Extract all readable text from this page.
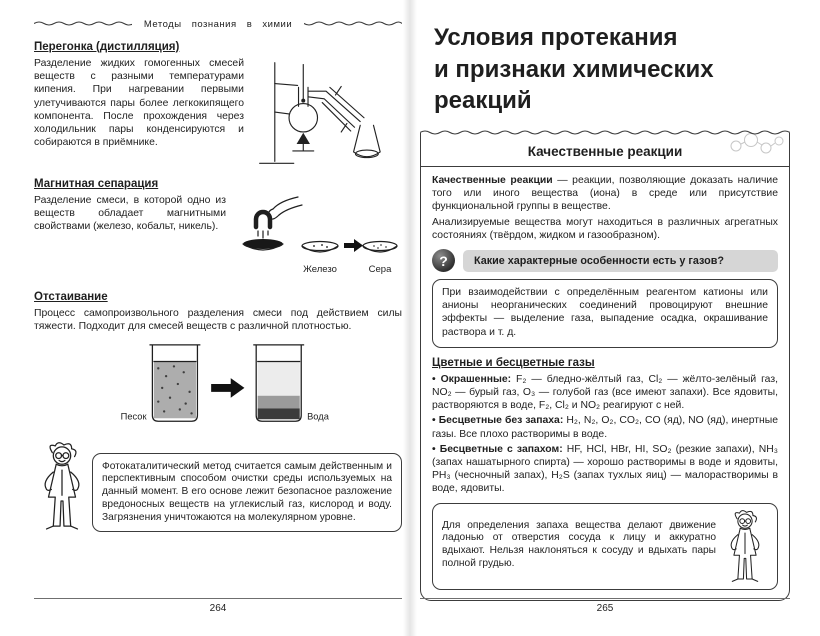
Методы познания в химии
Перегонка (дистилляция)

Разделение жидких гомогенных смесей веществ с разными температурами кипения. При нагревании первыми улетучиваются пары более легкокипящего компонента. После прохождения через холодильник пары конденсируются и собираются в приёмнике.

Магнитная сепарация

Разделение смеси, в которой одно из веществ обладает магнитными свойствами (железо, кобальт, никель).

Железо	Сера
Отстаивание

Процесс самопроизвольного разделения смеси под действием силы тяжести. Подходит для смесей веществ с различной плотностью.

Песок	Вода

Фотокаталитический метод считается самым действенным и перспективным способом очистки среды используемых на данный момент. В его основе лежит безопасное разложение вредоносных веществ на углекислый газ, кислород и воду. Загрязнения уничтожаются на молекулярном уровне.

264
Условия протекания
и признаки химических
реакций
Качественные реакции

Качественные реакции — реакции, позволяющие доказать наличие того или иного вещества (иона) в среде или присутствие функциональной группы в веществе.

Анализируемые вещества могут находиться в различных агрегатных состояниях (твёрдом, жидком и газообразном).

?	Какие характерные особенности есть у газов?

При взаимодействии с определённым реагентом катионы или анионы неорганических соединений провоцируют внешние эффекты — выделение газа, выпадение осадка, окрашивание раствора и т. д.

Цветные и бесцветные газы

• Окрашенные: F₂ — бледно-жёлтый газ, Cl₂ — жёлто-зелёный газ, NO₂ — бурый газ, O₃ — голубой газ (все имеют запахи). Все ядовиты, растворяются в воде, F₂, Cl₂ и NO₂ реагируют с ней.

• Бесцветные без запаха: H₂, N₂, O₂, CO₂, CO (яд), NO (яд), инертные газы. Все плохо растворимы в воде.

• Бесцветные с запахом: HF, HCl, HBr, HI, SO₂ (резкие запахи), NH₃ (запах нашатырного спирта) — хорошо растворимы в воде и ядовиты, PH₃ (чесночный запах), H₂S (запах тухлых яиц) — малорастворимы в воде, ядовиты.

Для определения запаха вещества делают движение ладонью от отверстия сосуда к лицу и аккуратно вдыхают. Нельзя наклоняться к сосуду и вдыхать пары полной грудью.

265
